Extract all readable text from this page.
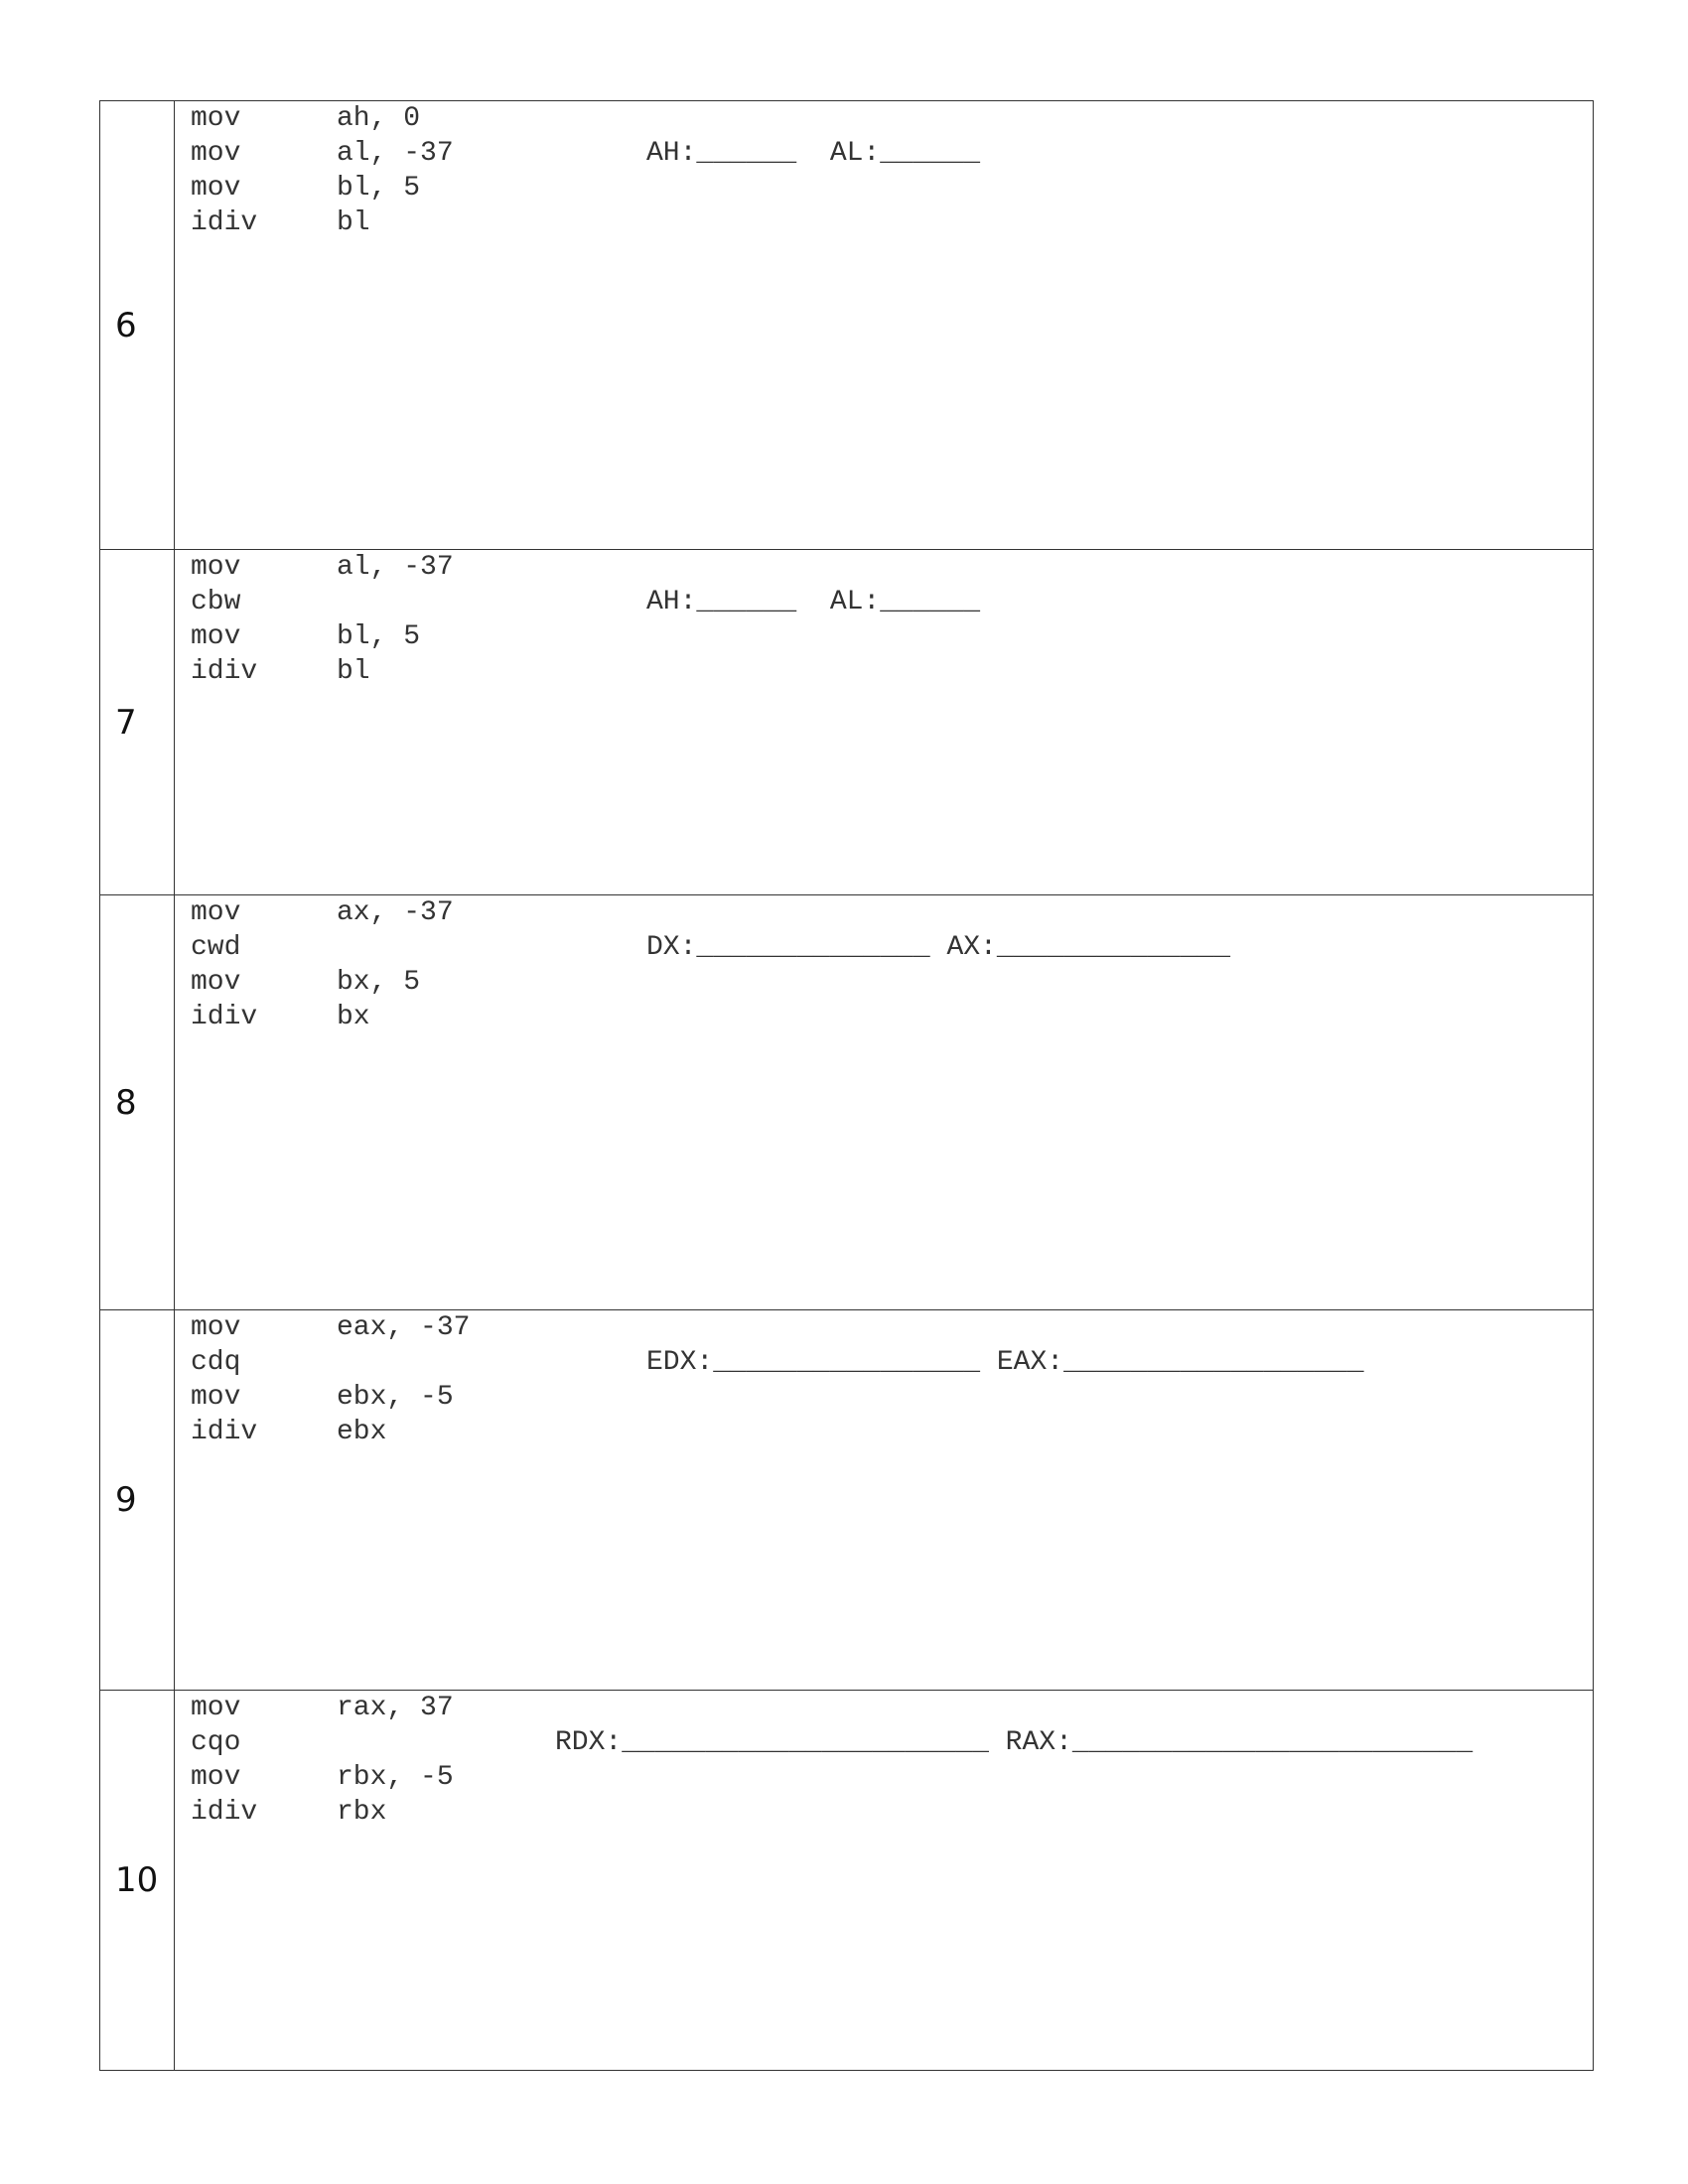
6
mov	ah, 0
mov	al, -37
mov	bl, 5
idiv	bl
AH:______  AL:______
7
mov	al, -37
cbw
mov	bl, 5
idiv	bl
AH:______  AL:______
8
mov	ax, -37
cwd
mov	bx, 5
idiv	bx
DX:______________ AX:______________
9
mov	eax, -37
cdq
mov	ebx, -5
idiv	ebx
EDX:________________ EAX:__________________
10
mov	rax, 37
cqo
mov	rbx, -5
idiv	rbx
RDX:______________________ RAX:________________________
